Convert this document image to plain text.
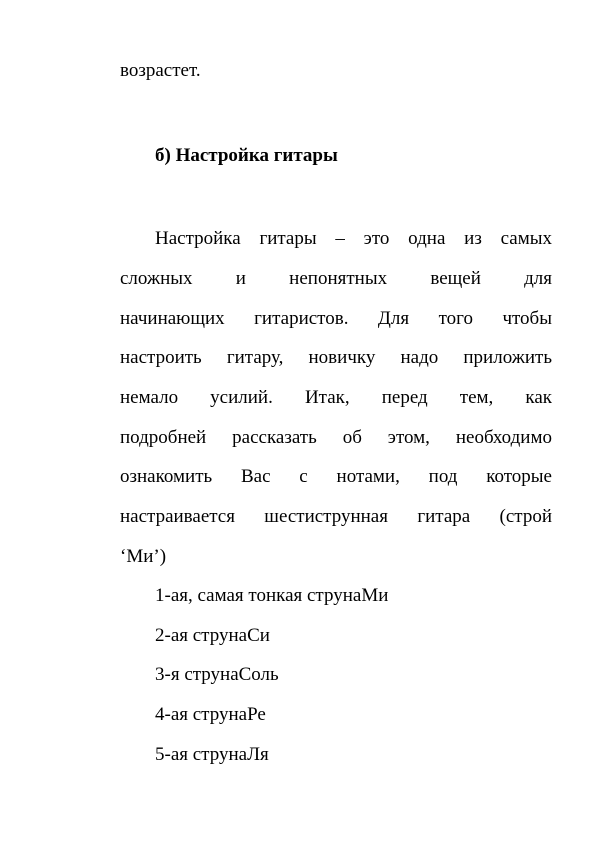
возрастет.
б) Настройка гитары
Настройка гитары – это одна из самых
сложных и непонятных вещей для
начинающих гитаристов. Для того чтобы
настроить гитару, новичку надо приложить
немало усилий. Итак, перед тем, как
подробней рассказать об этом, необходимо
ознакомить Вас с нотами, под которые
настраивается шестиструнная гитара (строй
‘Ми’)
1-ая, самая тонкая струнаМи
2-ая струнаСи
3-я струнаСоль
4-ая струнаРе
5-ая струнаЛя
